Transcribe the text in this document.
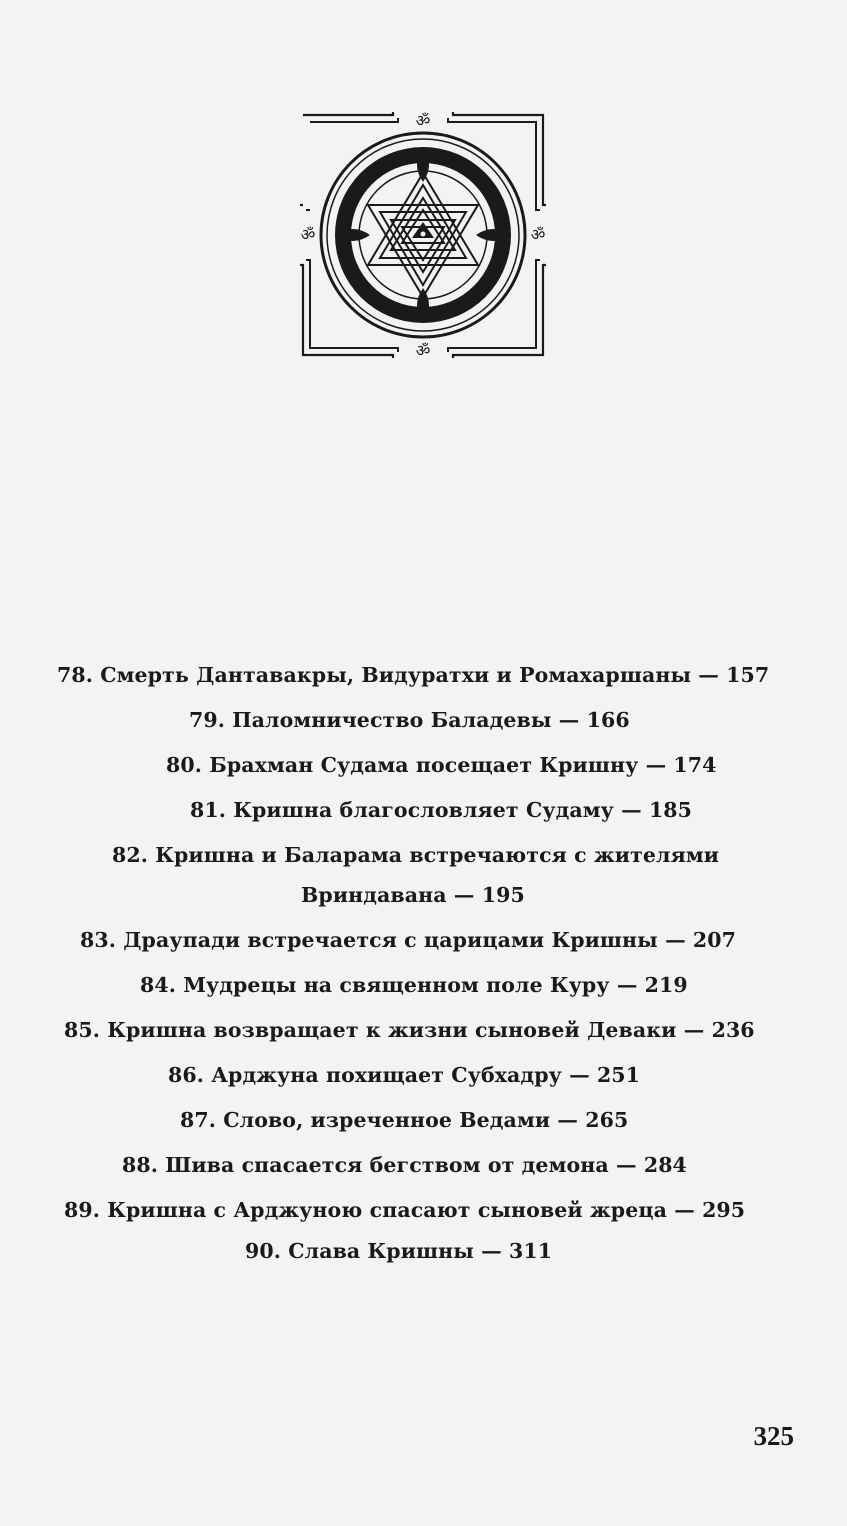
ॐ
ॐ
ॐ	ॐ
78. Смерть Дантавакры, Видуратхи и Ромахаршаны — 157
79. Паломничество Баладевы — 166
80. Брахман Судама посещает Кришну — 174
81. Кришна благословляет Судаму — 185
82. Кришна и Баларама встречаются с жителями
Вриндавана — 195
83. Драупади встречается с царицами Кришны — 207
84. Мудрецы на священном поле Куру — 219
85. Кришна возвращает к жизни сыновей Деваки — 236
86. Арджуна похищает Субхадру — 251
87. Слово, изреченное Ведами — 265
88. Шива спасается бегством от демона — 284
89. Кришна с Арджуною спасают сыновей жреца — 295
90. Слава Кришны — 311
325
